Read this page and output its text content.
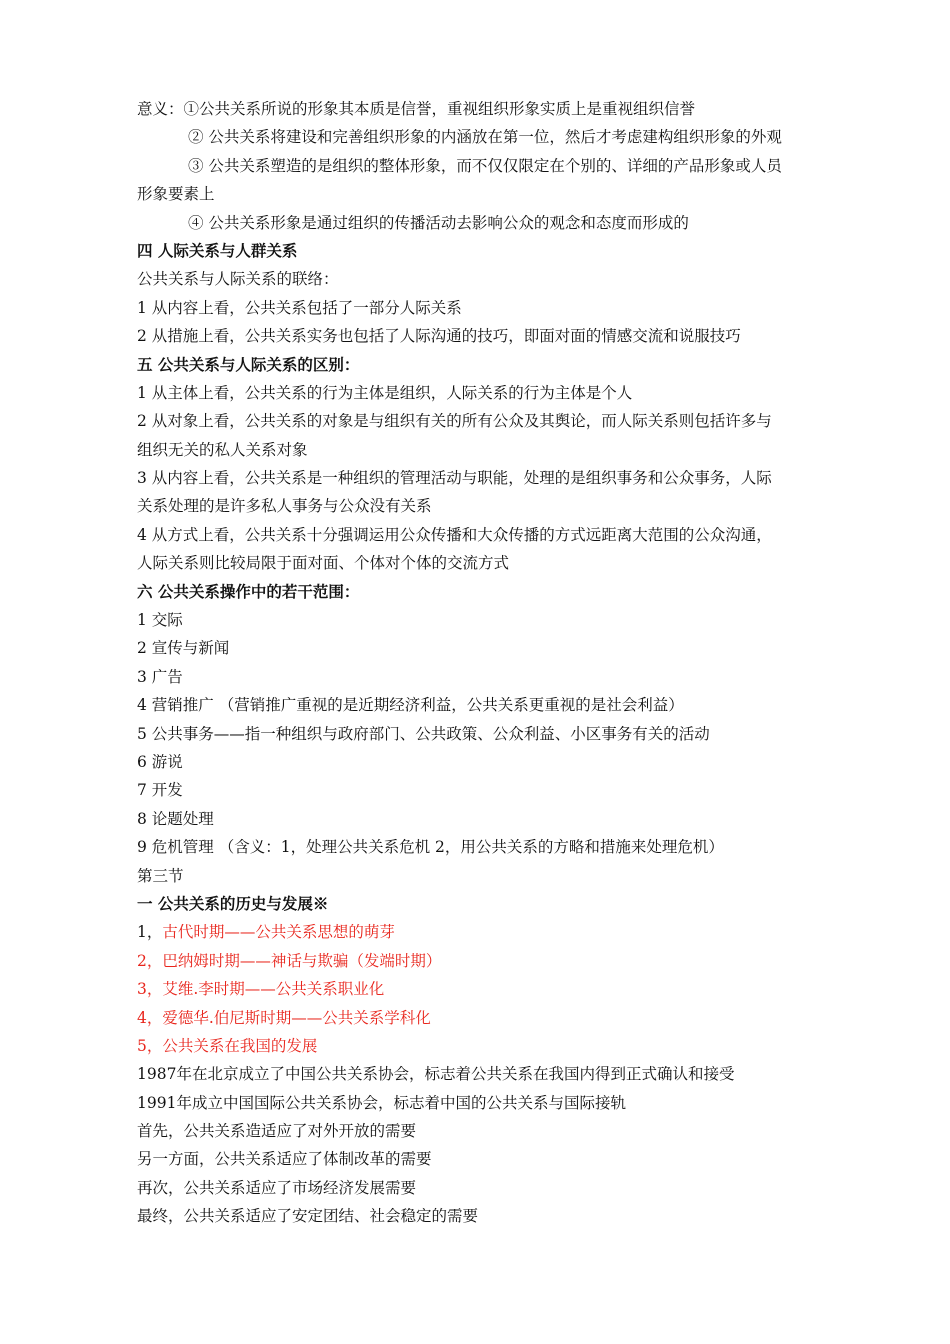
意义：①公共关系所说的形象其本质是信誉，重视组织形象实质上是重视组织信誉
② 公共关系将建设和完善组织形象的内涵放在第一位，然后才考虑建构组织形象的外观
③ 公共关系塑造的是组织的整体形象，而不仅仅限定在个别的、详细的产品形象或人员
形象要素上
④ 公共关系形象是通过组织的传播活动去影响公众的观念和态度而形成的
四 人际关系与人群关系
公共关系与人际关系的联络：
1 从内容上看，公共关系包括了一部分人际关系
2 从措施上看，公共关系实务也包括了人际沟通的技巧，即面对面的情感交流和说服技巧
五 公共关系与人际关系的区别：
1 从主体上看，公共关系的行为主体是组织，人际关系的行为主体是个人
2 从对象上看，公共关系的对象是与组织有关的所有公众及其舆论，而人际关系则包括许多与
组织无关的私人关系对象
3 从内容上看，公共关系是一种组织的管理活动与职能，处理的是组织事务和公众事务，人际
关系处理的是许多私人事务与公众没有关系
4 从方式上看，公共关系十分强调运用公众传播和大众传播的方式远距离大范围的公众沟通，
人际关系则比较局限于面对面、个体对个体的交流方式
六 公共关系操作中的若干范围：
1 交际
2 宣传与新闻
3 广告
4 营销推广 （营销推广重视的是近期经济利益，公共关系更重视的是社会利益）
5 公共事务——指一种组织与政府部门、公共政策、公众利益、小区事务有关的活动
6 游说
7 开发
8 论题处理
9 危机管理 （含义：1，处理公共关系危机 2，用公共关系的方略和措施来处理危机）
第三节
一 公共关系的历史与发展※
1，古代时期——公共关系思想的萌芽
2，巴纳姆时期——神话与欺骗（发端时期）
3，艾维.李时期——公共关系职业化
4，爱德华.伯尼斯时期——公共关系学科化
5，公共关系在我国的发展
1987年在北京成立了中国公共关系协会，标志着公共关系在我国内得到正式确认和接受
1991年成立中国国际公共关系协会，标志着中国的公共关系与国际接轨
首先，公共关系造适应了对外开放的需要
另一方面，公共关系适应了体制改革的需要
再次，公共关系适应了市场经济发展需要
最终，公共关系适应了安定团结、社会稳定的需要
